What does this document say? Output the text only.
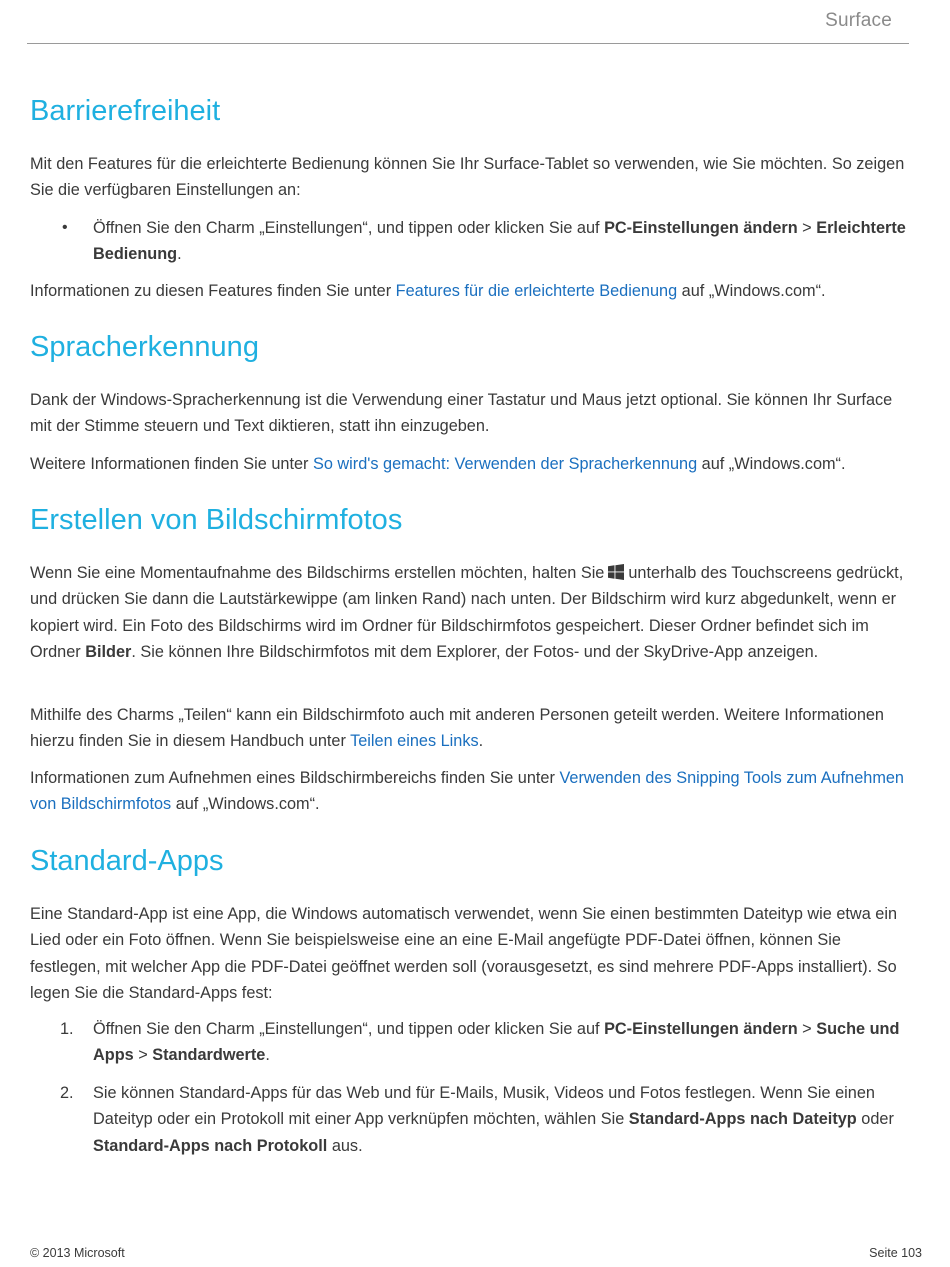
Surface
Barrierefreiheit

Mit den Features für die erleichterte Bedienung können Sie Ihr Surface-Tablet so verwenden, wie Sie möchten. So zeigen Sie die verfügbaren Einstellungen an:

•	Öffnen Sie den Charm „Einstellungen“, und tippen oder klicken Sie auf PC-Einstellungen ändern > Erleichterte Bedienung.

Informationen zu diesen Features finden Sie unter Features für die erleichterte Bedienung auf „Windows.com“.

Spracherkennung

Dank der Windows-Spracherkennung ist die Verwendung einer Tastatur und Maus jetzt optional. Sie können Ihr Surface mit der Stimme steuern und Text diktieren, statt ihn einzugeben.

Weitere Informationen finden Sie unter So wird's gemacht: Verwenden der Spracherkennung auf „Windows.com“.

Erstellen von Bildschirmfotos

Wenn Sie eine Momentaufnahme des Bildschirms erstellen möchten, halten Sie unterhalb des Touchscreens gedrückt, und drücken Sie dann die Lautstärkewippe (am linken Rand) nach unten. Der Bildschirm wird kurz abgedunkelt, wenn er kopiert wird. Ein Foto des Bildschirms wird im Ordner für Bildschirmfotos gespeichert. Dieser Ordner befindet sich im Ordner Bilder. Sie können Ihre Bildschirmfotos mit dem Explorer, der Fotos- und der SkyDrive-App anzeigen.

Mithilfe des Charms „Teilen“ kann ein Bildschirmfoto auch mit anderen Personen geteilt werden. Weitere Informationen hierzu finden Sie in diesem Handbuch unter Teilen eines Links.

Informationen zum Aufnehmen eines Bildschirmbereichs finden Sie unter Verwenden des Snipping Tools zum Aufnehmen von Bildschirmfotos auf „Windows.com“.

Standard-Apps

Eine Standard-App ist eine App, die Windows automatisch verwendet, wenn Sie einen bestimmten Dateityp wie etwa ein Lied oder ein Foto öffnen. Wenn Sie beispielsweise eine an eine E-Mail angefügte PDF-Datei öffnen, können Sie festlegen, mit welcher App die PDF-Datei geöffnet werden soll (vorausgesetzt, es sind mehrere PDF-Apps installiert). So legen Sie die Standard-Apps fest:

1.	Öffnen Sie den Charm „Einstellungen“, und tippen oder klicken Sie auf PC-Einstellungen ändern > Suche und Apps > Standardwerte.
2.	Sie können Standard-Apps für das Web und für E-Mails, Musik, Videos und Fotos festlegen. Wenn Sie einen Dateityp oder ein Protokoll mit einer App verknüpfen möchten, wählen Sie Standard-Apps nach Dateityp oder Standard-Apps nach Protokoll aus.
© 2013 Microsoft	Seite 103
